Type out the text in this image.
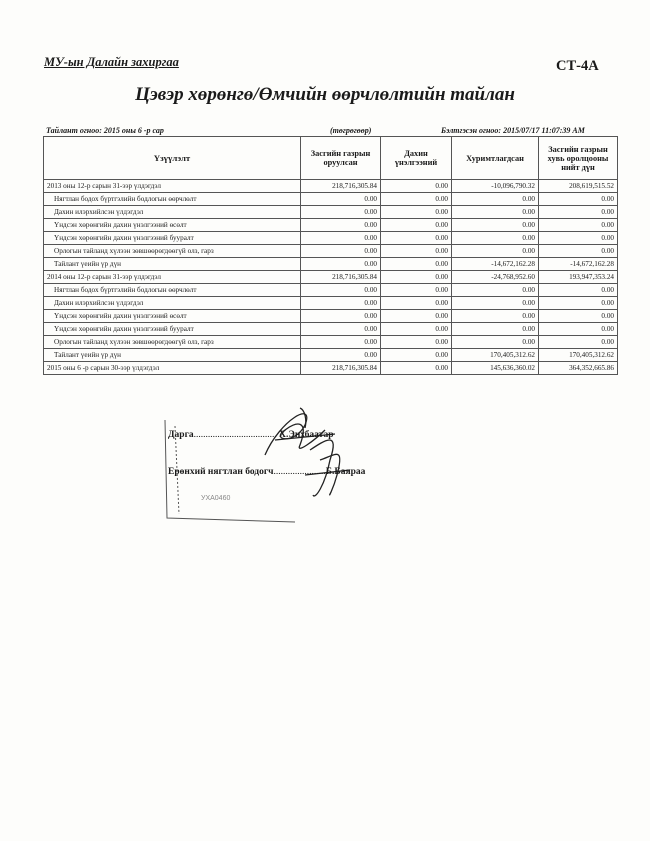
МУ-ын Далайн захиргаа	СТ-4А
Цэвэр хөрөнгө/Өмчийн өөрчлөлтийн тайлан
Тайлант огноо: 2015 оны 6 -р сар	(төгрөгөөр)	Бэлтгэсэн огноо: 2015/07/17 11:07:39 AM
Үзүүлэлт	Засгийн газрын оруулсан	Дахин үнэлгээний	Хуримтлагдсан	Засгийн газрын хувь оролцооны нийт дүн
2013 оны 12-р сарын 31-ээр үлдэгдэл	218,716,305.84	0.00	-10,096,790.32	208,619,515.52
Нягтлан бодох бүртгэлийн бодлогын өөрчлөлт	0.00	0.00	0.00	0.00
Дахин илэрхийлсэн үлдэгдэл	0.00	0.00	0.00	0.00
Үндсэн хөрөнгийн дахин үнэлгээний өсөлт	0.00	0.00	0.00	0.00
Үндсэн хөрөнгийн дахин үнэлгээний бууралт	0.00	0.00	0.00	0.00
Орлогын тайланд хүлээн зөвшөөрөгдөөгүй олз, гарз	0.00	0.00	0.00	0.00
Тайлант үеийн үр дүн	0.00	0.00	-14,672,162.28	-14,672,162.28
2014 оны 12-р сарын 31-ээр үлдэгдэл	218,716,305.84	0.00	-24,768,952.60	193,947,353.24
Нягтлан бодох бүртгэлийн бодлогын өөрчлөлт	0.00	0.00	0.00	0.00
Дахин илэрхийлсэн үлдэгдэл	0.00	0.00	0.00	0.00
Үндсэн хөрөнгийн дахин үнэлгээний өсөлт	0.00	0.00	0.00	0.00
Үндсэн хөрөнгийн дахин үнэлгээний бууралт	0.00	0.00	0.00	0.00
Орлогын тайланд хүлээн зөвшөөрөгдөөгүй олз, гарз	0.00	0.00	0.00	0.00
Тайлант үеийн үр дүн	0.00	0.00	170,405,312.62	170,405,312.62
2015 оны 6 -р сарын 30-ээр үлдэгдэл	218,716,305.84	0.00	145,636,360.02	364,352,665.86
УХА0460
Дарга................................... Х.Энхбаатар
Ерөнхий нягтлан бодогч......................Б.Баяраа
